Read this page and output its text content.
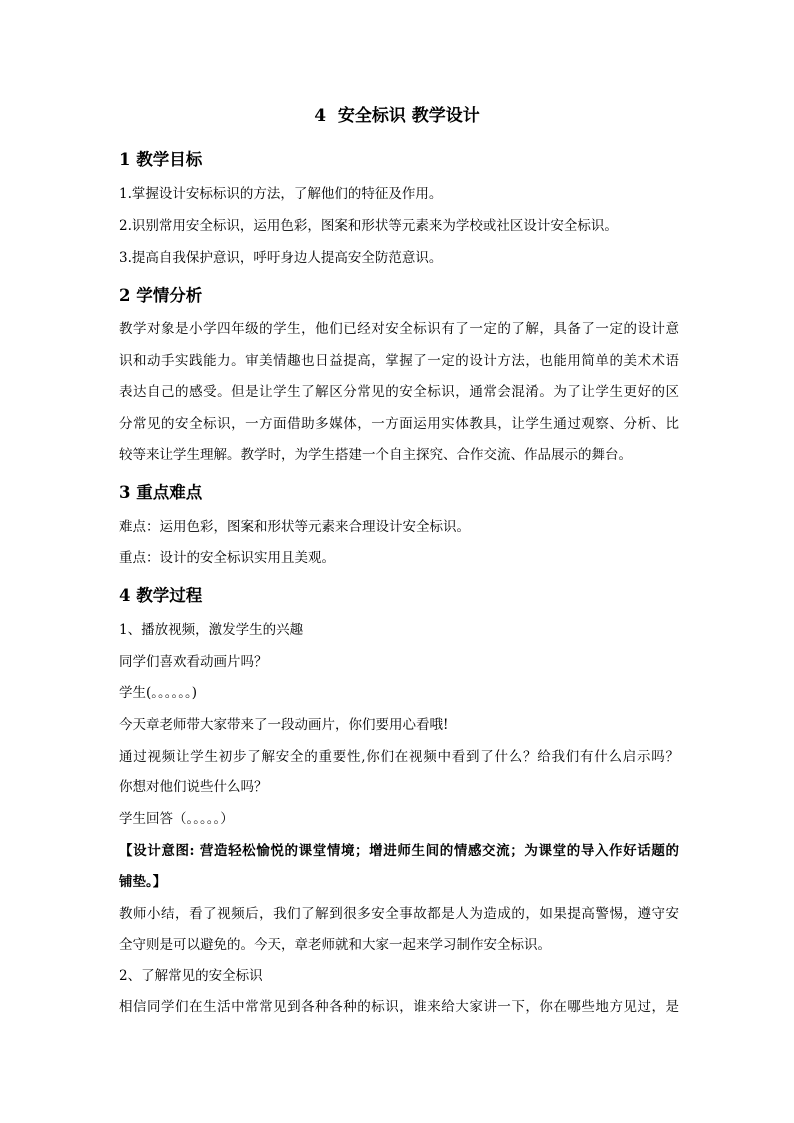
4  安全标识 教学设计
1 教学目标
1.掌握设计安标标识的方法，了解他们的特征及作用。
2.识别常用安全标识，运用色彩，图案和形状等元素来为学校或社区设计安全标识。
3.提高自我保护意识，呼吁身边人提高安全防范意识。
2 学情分析
教学对象是小学四年级的学生，他们已经对安全标识有了一定的了解，具备了一定的设计意
识和动手实践能力。审美情趣也日益提高，掌握了一定的设计方法，也能用简单的美术术语
表达自己的感受。但是让学生了解区分常见的安全标识，通常会混淆。为了让学生更好的区
分常见的安全标识，一方面借助多媒体，一方面运用实体教具，让学生通过观察、分析、比
较等来让学生理解。教学时，为学生搭建一个自主探究、合作交流、作品展示的舞台。
3 重点难点
难点：运用色彩，图案和形状等元素来合理设计安全标识。
重点：设计的安全标识实用且美观。
4 教学过程
1、播放视频，激发学生的兴趣
同学们喜欢看动画片吗？
学生(。。。。。。)
今天章老师带大家带来了一段动画片，你们要用心看哦!
通过视频让学生初步了解安全的重要性,你们在视频中看到了什么？给我们有什么启示吗？
你想对他们说些什么吗？
学生回答（。。。。。）
【设计意图: 营造轻松愉悦的课堂情境；增进师生间的情感交流；为课堂的导入作好话题的
铺垫。】
教师小结，看了视频后，我们了解到很多安全事故都是人为造成的，如果提高警惕，遵守安
全守则是可以避免的。今天，章老师就和大家一起来学习制作安全标识。
2、了解常见的安全标识
相信同学们在生活中常常见到各种各种的标识，谁来给大家讲一下，你在哪些地方见过，是
